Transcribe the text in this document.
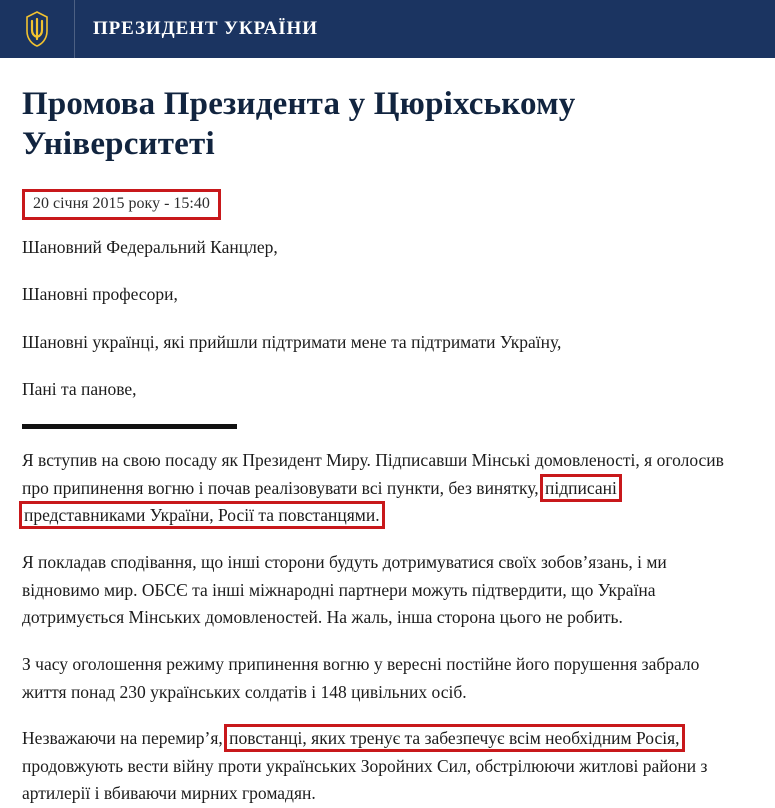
ПРЕЗИДЕНТ УКРАЇНИ
Промова Президента у Цюріхському Університеті
20 січня 2015 року - 15:40

Шановний Федеральний Канцлер,

Шановні професори,

Шановні українці, які прийшли підтримати мене та підтримати Україну,

Пані та панове,

Я вступив на свою посаду як Президент Миру. Підписавши Мінські домовленості, я оголосив про припинення вогню і почав реалізовувати всі пункти, без винятку, підписані представниками України, Росії та повстанцями.

Я покладав сподівання, що інші сторони будуть дотримуватися своїх зобов’язань, і ми відновимо мир. ОБСЄ та інші міжнародні партнери можуть підтвердити, що Україна дотримується Мінських домовленостей. На жаль, інша сторона цього не робить.

З часу оголошення режиму припинення вогню у вересні постійне його порушення забрало життя понад 230 українських солдатів і 148 цивільних осіб.

Незважаючи на перемир’я, повстанці, яких тренує та забезпечує всім необхідним Росія, продовжують вести війну проти українських Зоройних Сил, обстрілюючи житлові райони з артилерії і вбиваючи мирних громадян.
